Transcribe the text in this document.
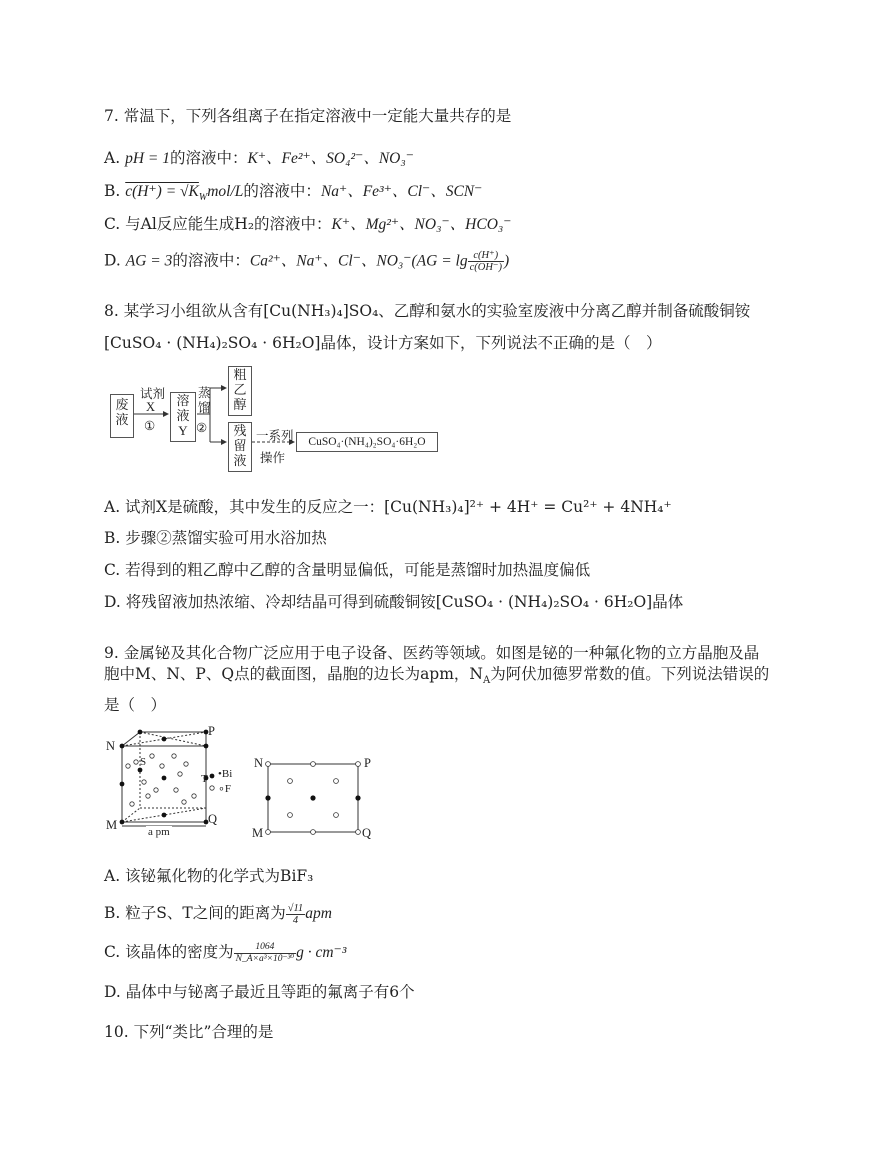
7. 常温下，下列各组离子在指定溶液中一定能大量共存的是
A. pH = 1的溶液中：K⁺、Fe²⁺、SO₄²⁻、NO₃⁻
B. $c(H^+) = √K_Wmol/L$的溶液中：Na⁺、Fe³⁺、Cl⁻、SCN⁻
C. 与Al反应能生成H₂的溶液中：K⁺、Mg²⁺、NO₃⁻、HCO₃⁻
D. AG = 3的溶液中：Ca²⁺、Na⁺、Cl⁻、$NO_3^-(AG = \lg \frac{c(H^+)}{c(OH^-)}$ )
8. 某学习小组欲从含有[Cu(NH₃)₄]SO₄、乙醇和氨水的实验室废液中分离乙醇并制备硫酸铜铵
[CuSO₄ · (NH₄)₂SO₄ · 6H₂O]晶体，设计方案如下，下列说法不正确的是（　）
废
液
试剂
X
①
溶
液
Y
蒸
馏
②
粗
乙
醇
残
留
液
一系列
操作
CuSO₄·(NH₄)₂SO₄·6H₂O
A. 试剂X是硫酸，其中发生的反应之一：[Cu(NH₃)₄]²⁺ + 4H⁺ = Cu²⁺ + 4NH₄⁺
B. 步骤②蒸馏实验可用水浴加热
C. 若得到的粗乙醇中乙醇的含量明显偏低，可能是蒸馏时加热温度偏低
D. 将残留液加热浓缩、冷却结晶可得到硫酸铜铵[CuSO₄ · (NH₄)₂SO₄ · 6H₂O]晶体
9. 金属铋及其化合物广泛应用于电子设备、医药等领域。如图是铋的一种氟化物的立方晶胞及晶
胞中M、N、P、Q点的截面图，晶胞的边长为apm，$N_A$为阿伏加德罗常数的值。下列说法错误的
是（　）
N
P
M	Q
S
T •Bi
∘F
a pm
N	P
M	Q
A. 该铋氟化物的化学式为BiF₃
B. 粒子S、T之间的距离为 $\frac{√11}{4}$ apm
C. 该晶体的密度为 $\frac{1064}{\text{N\_A×a³×10⁻³⁰}}$ g · cm⁻³
D. 晶体中与铋离子最近且等距的氟离子有6个
10. 下列“类比”合理的是
